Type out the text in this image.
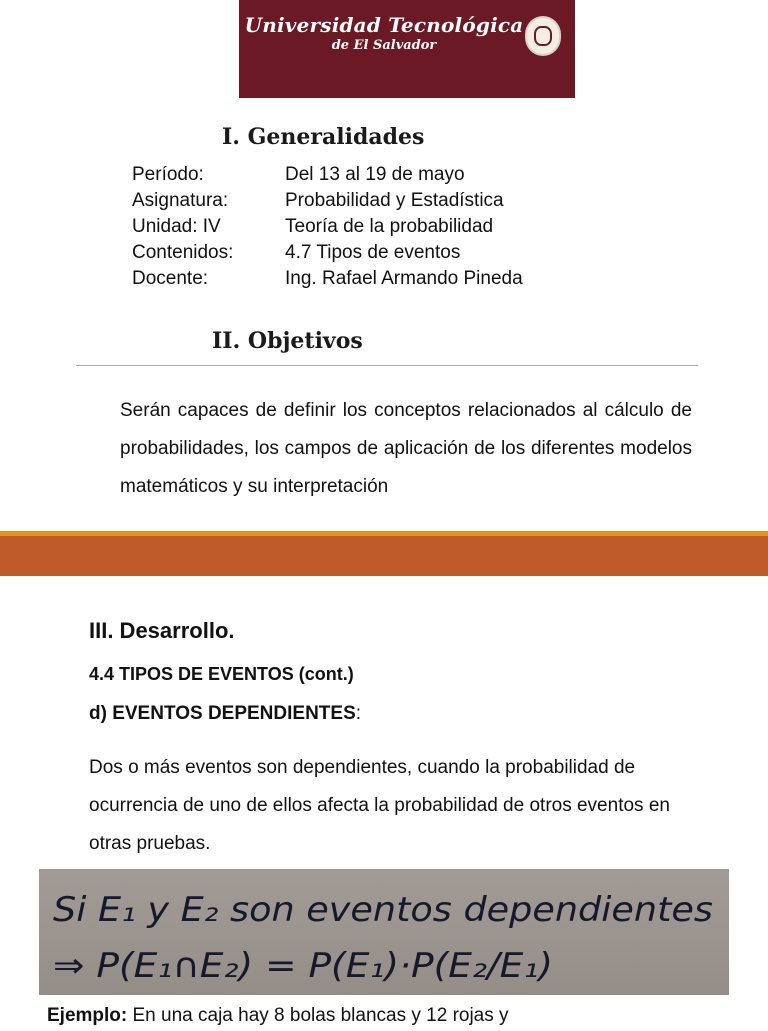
Universidad Tecnológica
de El Salvador
I. Generalidades
Período:	Del 13 al 19 de mayo
Asignatura:	Probabilidad y Estadística
Unidad: IV	Teoría de la probabilidad
Contenidos:	4.7 Tipos de eventos
Docente:	Ing. Rafael Armando Pineda
II. Objetivos

Serán capaces de definir los conceptos relacionados al cálculo de probabilidades, los campos de aplicación de los diferentes modelos matemáticos y su interpretación

III. Desarrollo.

4.4 TIPOS DE EVENTOS (cont.)

d) EVENTOS DEPENDIENTES:

Dos o más eventos son dependientes, cuando la probabilidad de ocurrencia de uno de ellos afecta la probabilidad de otros eventos en otras pruebas.

Si E₁ y E₂ son eventos dependientes
⇒ P(E₁∩E₂) = P(E₁)·P(E₂/E₁)

Ejemplo: En una caja hay 8 bolas blancas y 12 rojas y
